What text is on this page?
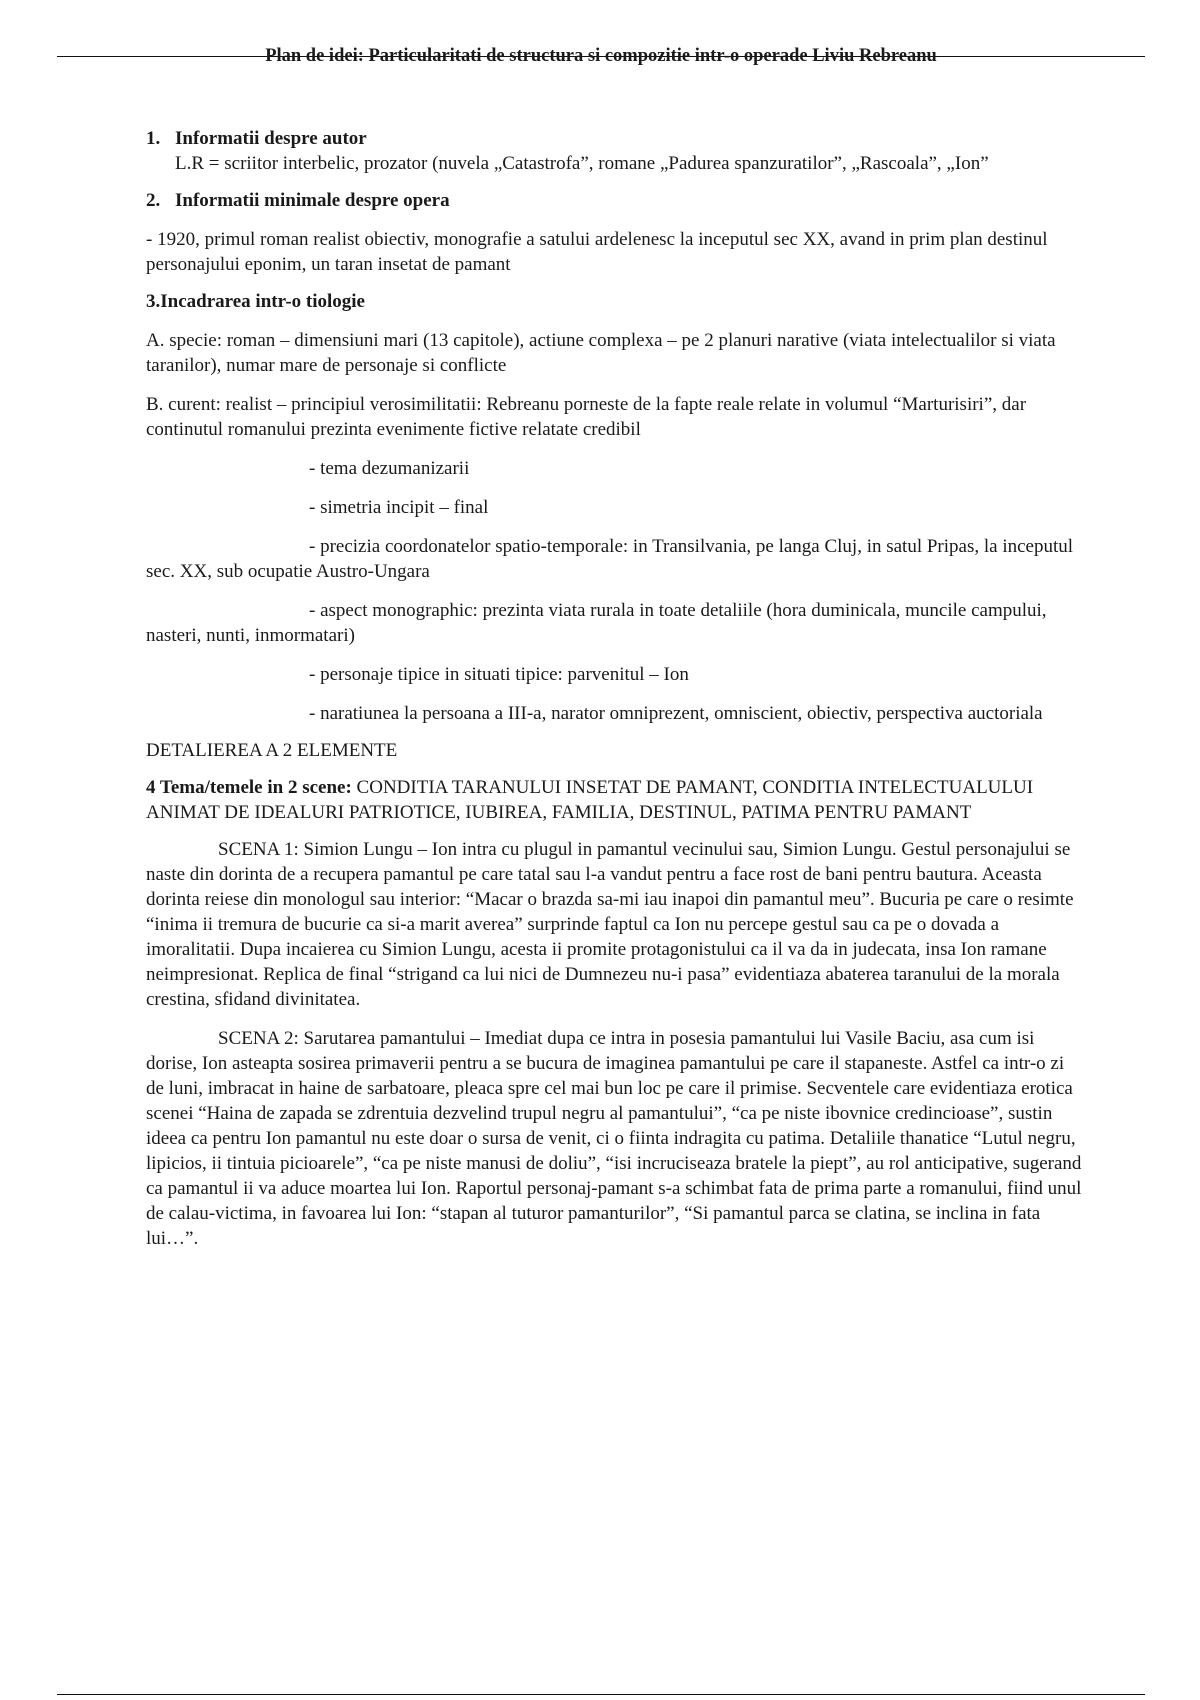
Plan de idei: Particularitati de structura si compozitie intr-o operade Liviu Rebreanu

1. Informatii despre autor

L.R = scriitor interbelic, prozator (nuvela „Catastrofa”, romane „Padurea spanzuratilor”, „Rascoala”, „Ion”

2. Informatii minimale despre opera

- 1920, primul roman realist obiectiv, monografie a satului ardelenesc la inceputul sec XX, avand in prim plan destinul personajului eponim, un taran insetat de pamant

3.Incadrarea intr-o tiologie

A. specie: roman – dimensiuni mari (13 capitole), actiune complexa – pe 2 planuri narative (viata intelectualilor si viata taranilor), numar mare de personaje si conflicte

B. curent: realist – principiul verosimilitatii: Rebreanu porneste de la fapte reale relate in volumul “Marturisiri”, dar continutul romanului prezinta evenimente fictive relatate credibil

- tema dezumanizarii

- simetria incipit – final

- precizia coordonatelor spatio-temporale: in Transilvania, pe langa Cluj, in satul Pripas, la inceputul sec. XX, sub ocupatie Austro-Ungara

- aspect monographic: prezinta viata rurala in toate detaliile (hora duminicala, muncile campului, nasteri, nunti, inmormatari)

- personaje tipice in situati tipice: parvenitul – Ion

- naratiunea la persoana a III-a, narator omniprezent, omniscient, obiectiv, perspectiva auctoriala

DETALIEREA A 2 ELEMENTE

4 Tema/temele in 2 scene: CONDITIA TARANULUI INSETAT DE PAMANT, CONDITIA INTELECTUALULUI ANIMAT DE IDEALURI PATRIOTICE, IUBIREA, FAMILIA, DESTINUL, PATIMA PENTRU PAMANT

SCENA 1: Simion Lungu – Ion intra cu plugul in pamantul vecinului sau, Simion Lungu. Gestul personajului se naste din dorinta de a recupera pamantul pe care tatal sau l-a vandut pentru a face rost de bani pentru bautura. Aceasta dorinta reiese din monologul sau interior: “Macar o brazda sa-mi iau inapoi din pamantul meu”. Bucuria pe care o resimte “inima ii tremura de bucurie ca si-a marit averea” surprinde faptul ca Ion nu percepe gestul sau ca pe o dovada a imoralitatii. Dupa incaierea cu Simion Lungu, acesta ii promite protagonistului ca il va da in judecata, insa Ion ramane neimpresionat. Replica de final “strigand ca lui nici de Dumnezeu nu-i pasa” evidentiaza abaterea taranului de la morala crestina, sfidand divinitatea.

SCENA 2: Sarutarea pamantului – Imediat dupa ce intra in posesia pamantului lui Vasile Baciu, asa cum isi dorise, Ion asteapta sosirea primaverii pentru a se bucura de imaginea pamantului pe care il stapaneste. Astfel ca intr-o zi de luni, imbracat in haine de sarbatoare, pleaca spre cel mai bun loc pe care il primise. Secventele care evidentiaza erotica scenei “Haina de zapada se zdrentuia dezvelind trupul negru al pamantului”, “ca pe niste ibovnice credincioase”, sustin ideea ca pentru Ion pamantul nu este doar o sursa de venit, ci o fiinta indragita cu patima. Detaliile thanatice “Lutul negru, lipicios, ii tintuia picioarele”, “ca pe niste manusi de doliu”, “isi incruciseaza bratele la piept”, au rol anticipative, sugerand ca pamantul ii va aduce moartea lui Ion. Raportul personaj-pamant s-a schimbat fata de prima parte a romanului, fiind unul de calau-victima, in favoarea lui Ion: “stapan al tuturor pamanturilor”, “Si pamantul parca se clatina, se inclina in fata lui…”.
